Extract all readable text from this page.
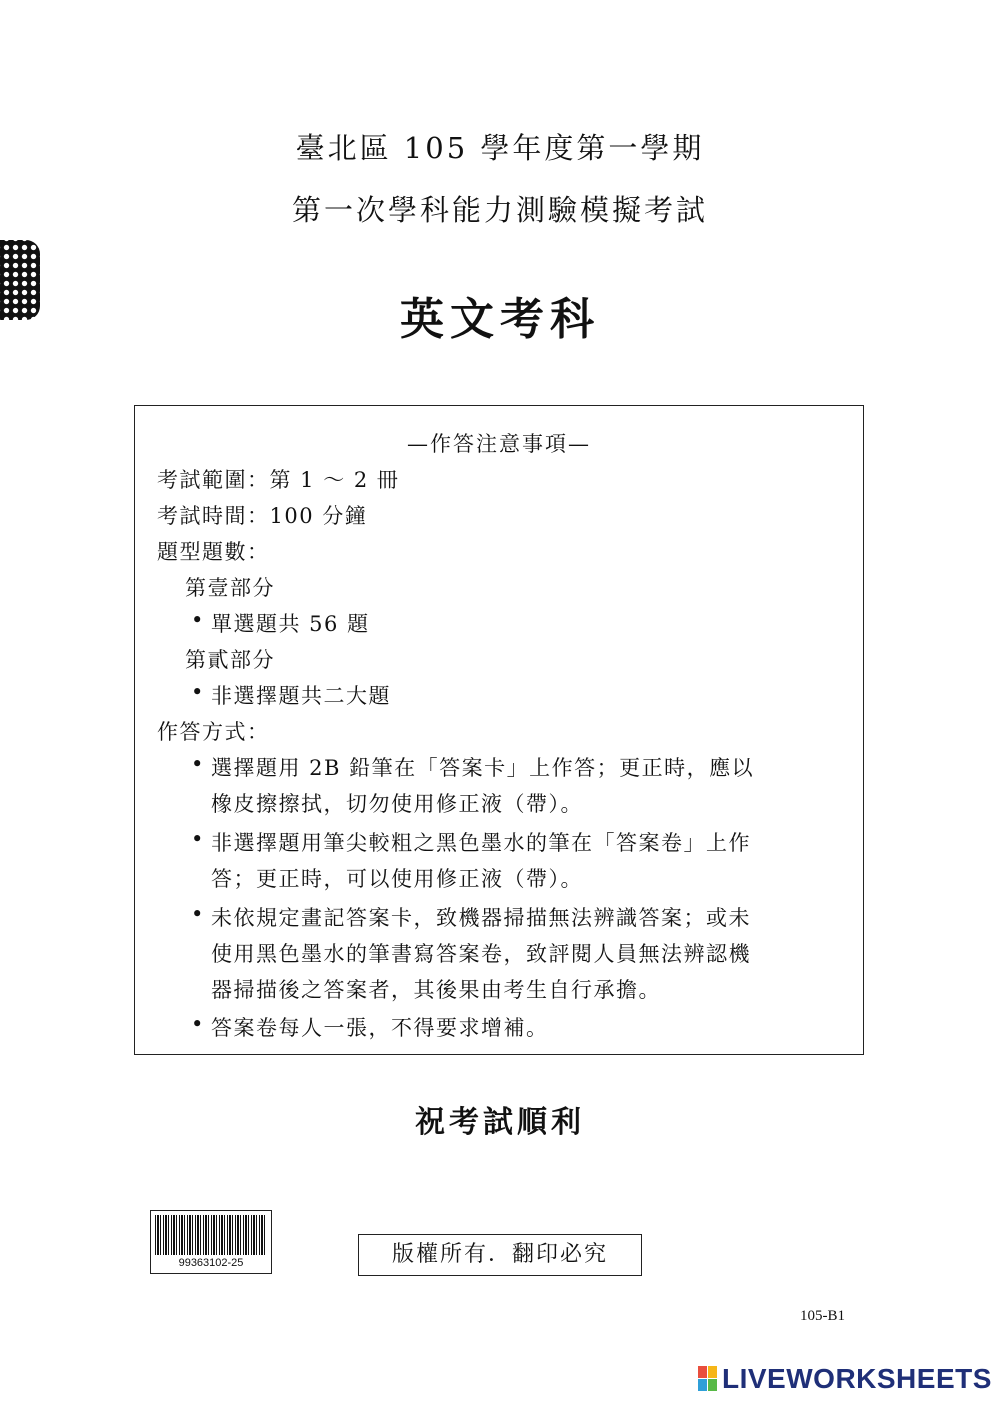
臺北區 105 學年度第一學期
第一次學科能力測驗模擬考試
英文考科
—作答注意事項—
考試範圍：第 1 ～ 2 冊
考試時間：100 分鐘
題型題數：
第壹部分
• 單選題共 56 題
第貳部分
• 非選擇題共二大題
作答方式：
• 選擇題用 2B 鉛筆在「答案卡」上作答；更正時，應以
橡皮擦擦拭，切勿使用修正液（帶）。
• 非選擇題用筆尖較粗之黑色墨水的筆在「答案卷」上作
答；更正時，可以使用修正液（帶）。
• 未依規定畫記答案卡，致機器掃描無法辨識答案；或未
使用黑色墨水的筆書寫答案卷，致評閱人員無法辨認機
器掃描後之答案者，其後果由考生自行承擔。
• 答案卷每人一張，不得要求增補。
祝考試順利
99363102-25	版權所有．翻印必究
105-B1
LIVEWORKSHEETS
